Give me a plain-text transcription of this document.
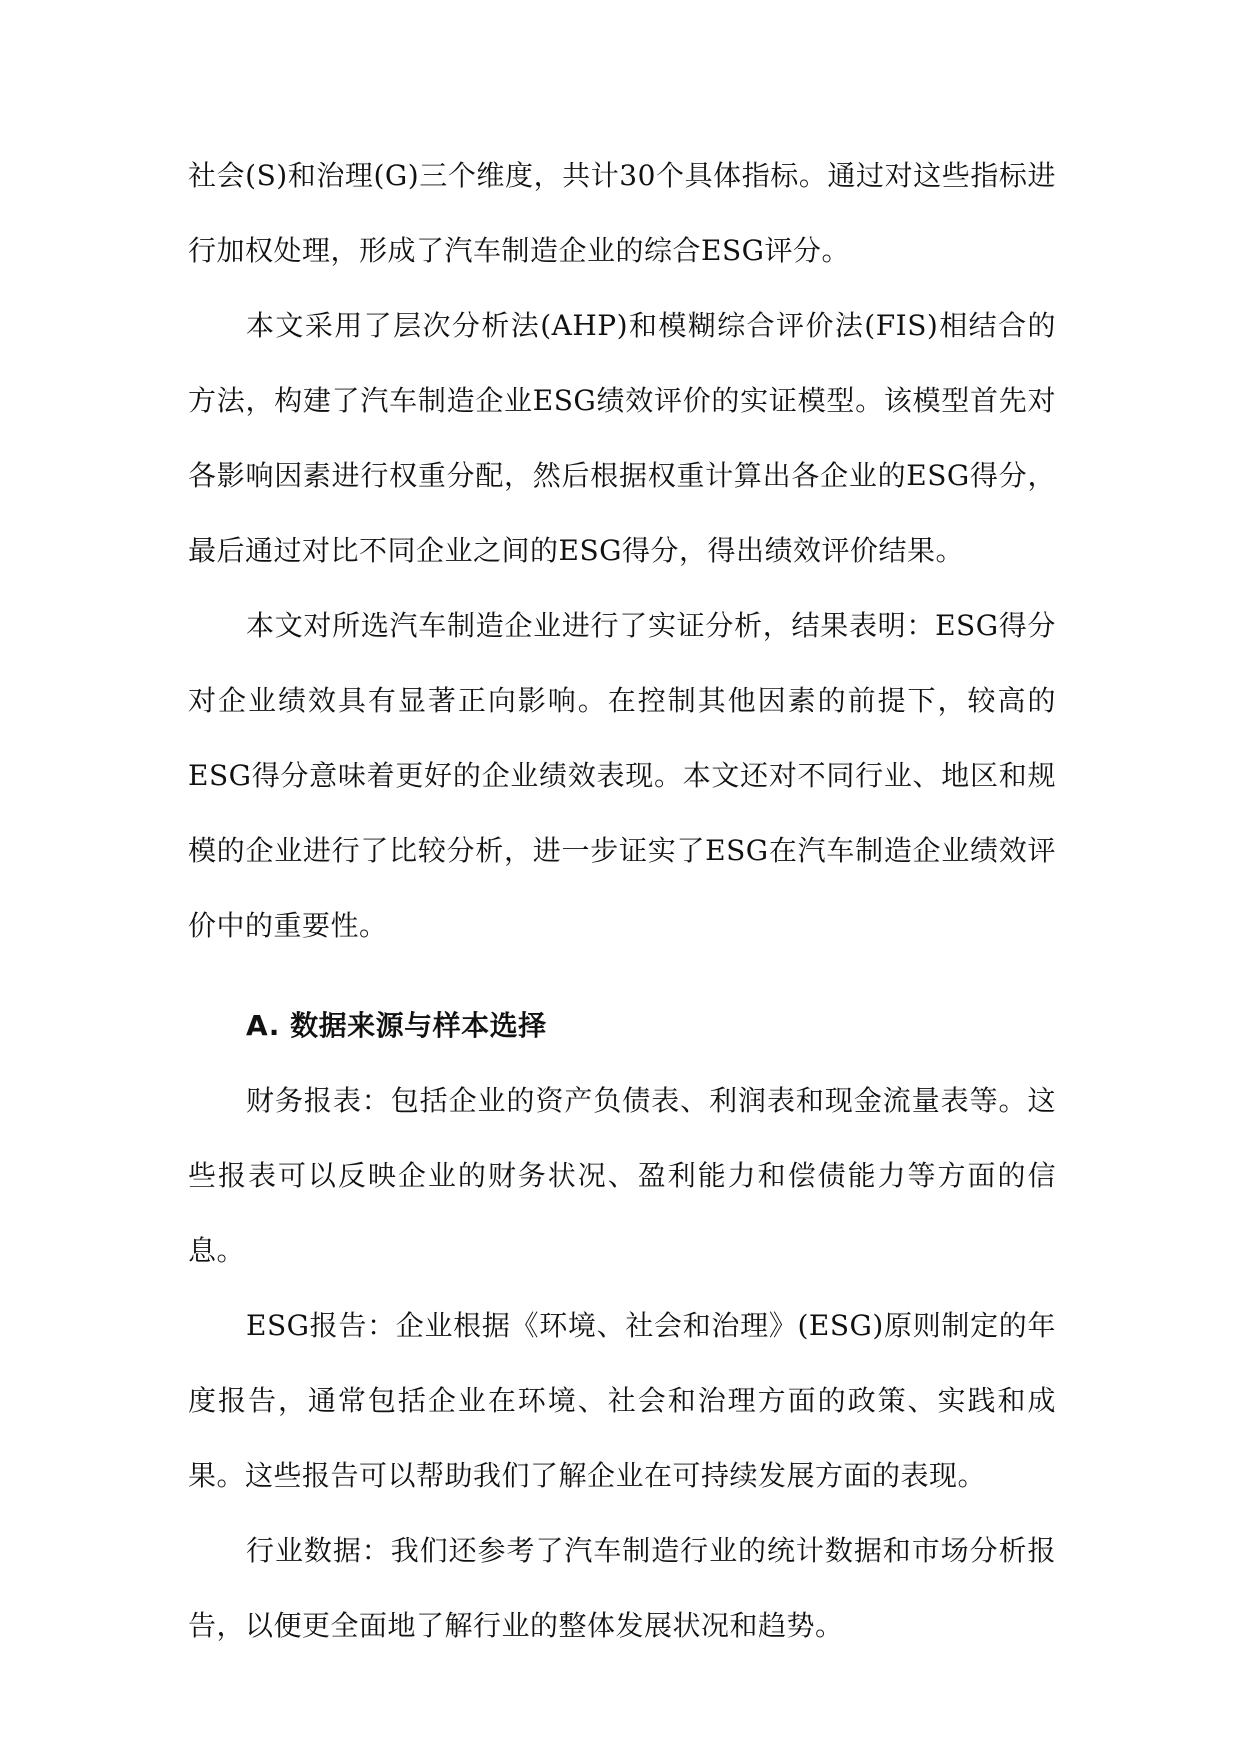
社会(S)和治理(G)三个维度，共计30个具体指标。通过对这些指标进行加权处理，形成了汽车制造企业的综合ESG评分。

本文采用了层次分析法(AHP)和模糊综合评价法(FIS)相结合的方法，构建了汽车制造企业ESG绩效评价的实证模型。该模型首先对各影响因素进行权重分配，然后根据权重计算出各企业的ESG得分，最后通过对比不同企业之间的ESG得分，得出绩效评价结果。

本文对所选汽车制造企业进行了实证分析，结果表明：ESG得分对企业绩效具有显著正向影响。在控制其他因素的前提下，较高的ESG得分意味着更好的企业绩效表现。本文还对不同行业、地区和规模的企业进行了比较分析，进一步证实了ESG在汽车制造企业绩效评价中的重要性。

A. 数据来源与样本选择

财务报表：包括企业的资产负债表、利润表和现金流量表等。这些报表可以反映企业的财务状况、盈利能力和偿债能力等方面的信息。

ESG报告：企业根据《环境、社会和治理》(ESG)原则制定的年度报告，通常包括企业在环境、社会和治理方面的政策、实践和成果。这些报告可以帮助我们了解企业在可持续发展方面的表现。

行业数据：我们还参考了汽车制造行业的统计数据和市场分析报告，以便更全面地了解行业的整体发展状况和趋势。
